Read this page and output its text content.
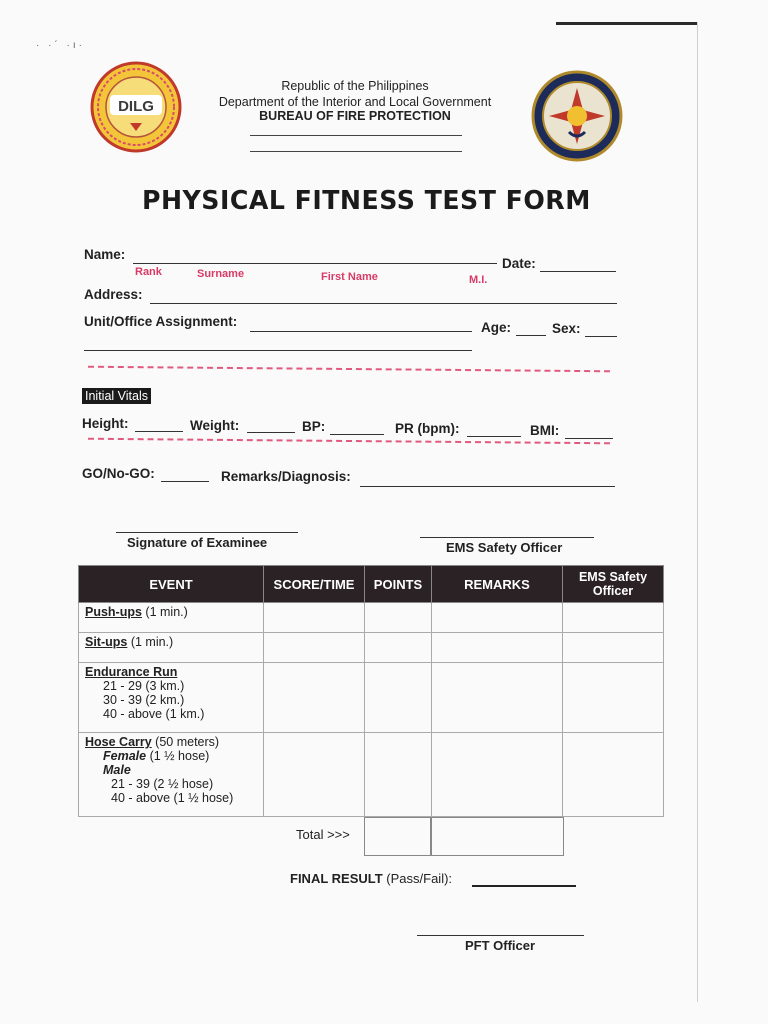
· ·´ ·ı·
DILG
Republic of the Philippines
Department of the Interior and Local Government
BUREAU OF FIRE PROTECTION
PHYSICAL FITNESS TEST FORM
Name:
Date:
Rank	Surname	First Name	M.I.
Address:
Unit/Office Assignment:	Age:	Sex:
Initial Vitals
Height:	Weight:	BP:	PR (bpm):	BMI:
GO/No-GO:	Remarks/Diagnosis:
Signature of Examinee	EMS Safety Officer
EVENT	SCORE/TIME	POINTS	REMARKS	EMS Safety Officer
Push-ups (1 min.)				
Sit-ups (1 min.)				

Endurance Run
21 - 29 (3 km.)
30 - 39 (2 km.)
40 - above (1 km.)				

Hose Carry (50 meters)
Female (1 ½ hose)
Male
21 - 39 (2 ½ hose)
40 - above (1 ½ hose)				

Total >>>
FINAL RESULT (Pass/Fail):
PFT Officer
